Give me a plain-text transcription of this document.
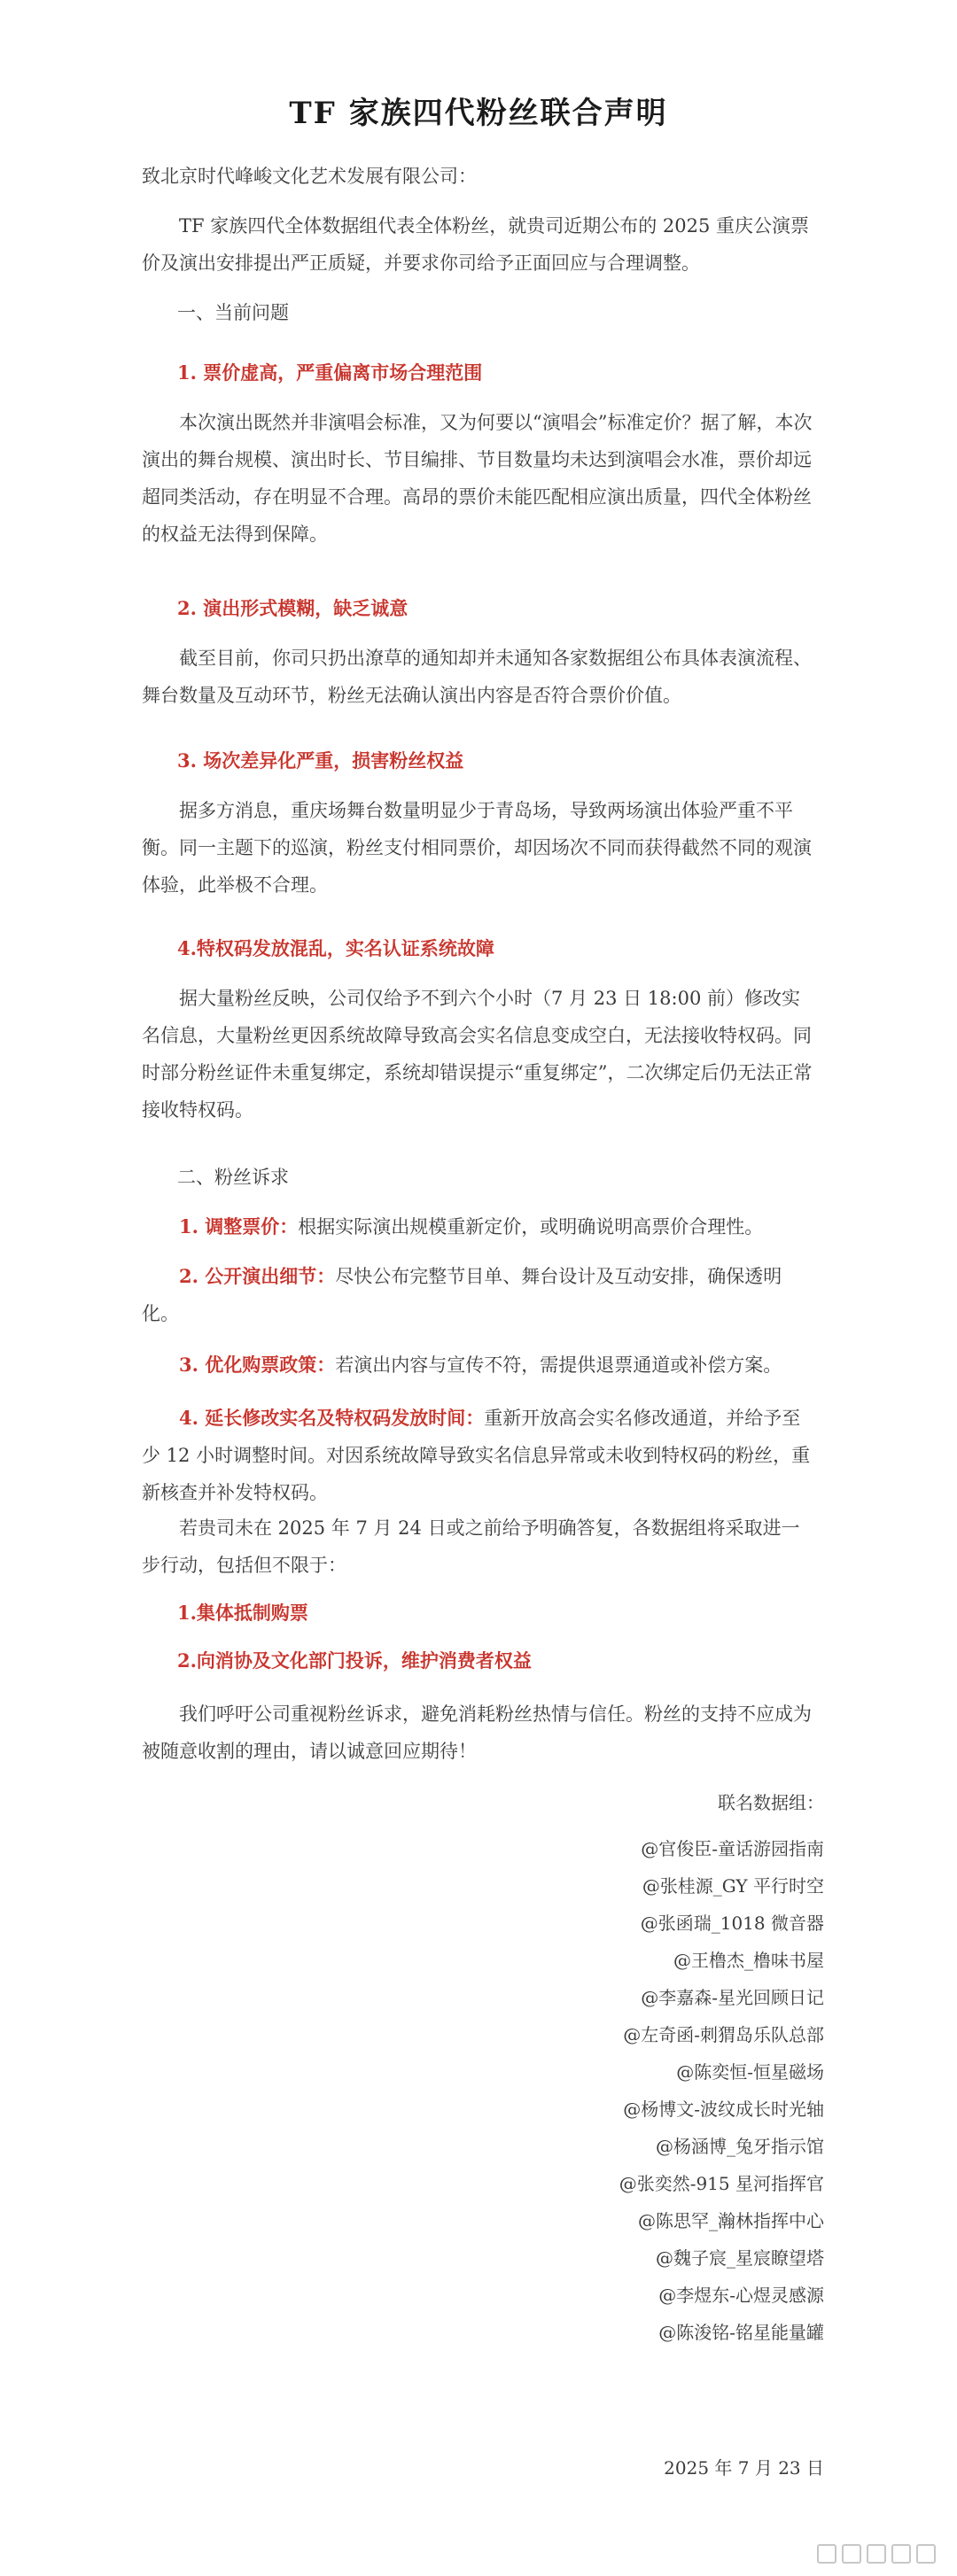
TF 家族四代粉丝联合声明
致北京时代峰峻文化艺术发展有限公司：
TF 家族四代全体数据组代表全体粉丝，就贵司近期公布的 2025 重庆公演票价及演出安排提出严正质疑，并要求你司给予正面回应与合理调整。
一、当前问题
1. 票价虚高，严重偏离市场合理范围
本次演出既然并非演唱会标准，又为何要以“演唱会”标准定价？据了解，本次演出的舞台规模、演出时长、节目编排、节目数量均未达到演唱会水准，票价却远超同类活动，存在明显不合理。高昂的票价未能匹配相应演出质量，四代全体粉丝的权益无法得到保障。
2. 演出形式模糊，缺乏诚意
截至目前，你司只扔出潦草的通知却并未通知各家数据组公布具体表演流程、舞台数量及互动环节，粉丝无法确认演出内容是否符合票价价值。
3. 场次差异化严重，损害粉丝权益
据多方消息，重庆场舞台数量明显少于青岛场，导致两场演出体验严重不平衡。同一主题下的巡演，粉丝支付相同票价，却因场次不同而获得截然不同的观演体验，此举极不合理。
4.特权码发放混乱，实名认证系统故障
据大量粉丝反映，公司仅给予不到六个小时（7 月 23 日 18:00 前）修改实名信息，大量粉丝更因系统故障导致高会实名信息变成空白，无法接收特权码。同时部分粉丝证件未重复绑定，系统却错误提示“重复绑定”，二次绑定后仍无法正常接收特权码。
二、粉丝诉求
1. 调整票价：根据实际演出规模重新定价，或明确说明高票价合理性。
2. 公开演出细节：尽快公布完整节目单、舞台设计及互动安排，确保透明化。
3. 优化购票政策：若演出内容与宣传不符，需提供退票通道或补偿方案。
4. 延长修改实名及特权码发放时间：重新开放高会实名修改通道，并给予至少 12 小时调整时间。对因系统故障导致实名信息异常或未收到特权码的粉丝，重新核查并补发特权码。
若贵司未在 2025 年 7 月 24 日或之前给予明确答复，各数据组将采取进一步行动，包括但不限于：
1.集体抵制购票
2.向消协及文化部门投诉，维护消费者权益
我们呼吁公司重视粉丝诉求，避免消耗粉丝热情与信任。粉丝的支持不应成为被随意收割的理由，请以诚意回应期待！
联名数据组：
@官俊臣-童话游园指南
@张桂源_GY 平行时空
@张函瑞_1018 微音器
@王橹杰_橹味书屋
@李嘉森-星光回顾日记
@左奇函-刺猬岛乐队总部
@陈奕恒-恒星磁场
@杨博文-波纹成长时光轴
@杨涵博_兔牙指示馆
@张奕然-915 星河指挥官
@陈思罕_瀚林指挥中心
@魏子宸_星宸瞭望塔
@李煜东-心煜灵感源
@陈浚铭-铭星能量罐
2025 年 7 月 23 日
